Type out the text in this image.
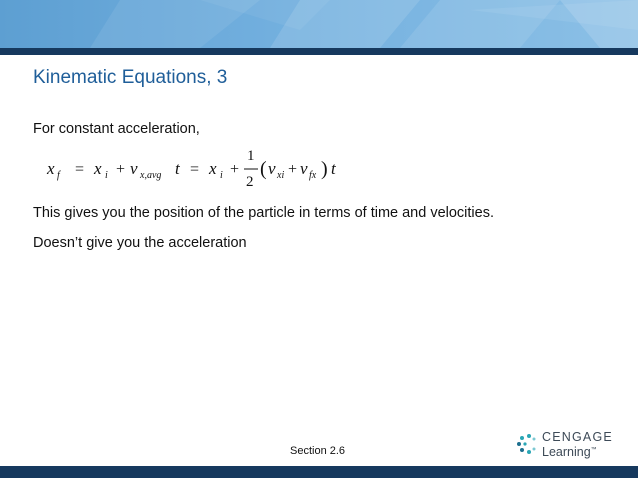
Kinematic Equations, 3
For constant acceleration,
x f = x i + v x,avg t = x i +
1
2
( v xi + v fx ) t
This gives you the position of the particle in terms of time and velocities.
Doesn’t give you the acceleration
Section 2.6
CENGAGE
Learning™
